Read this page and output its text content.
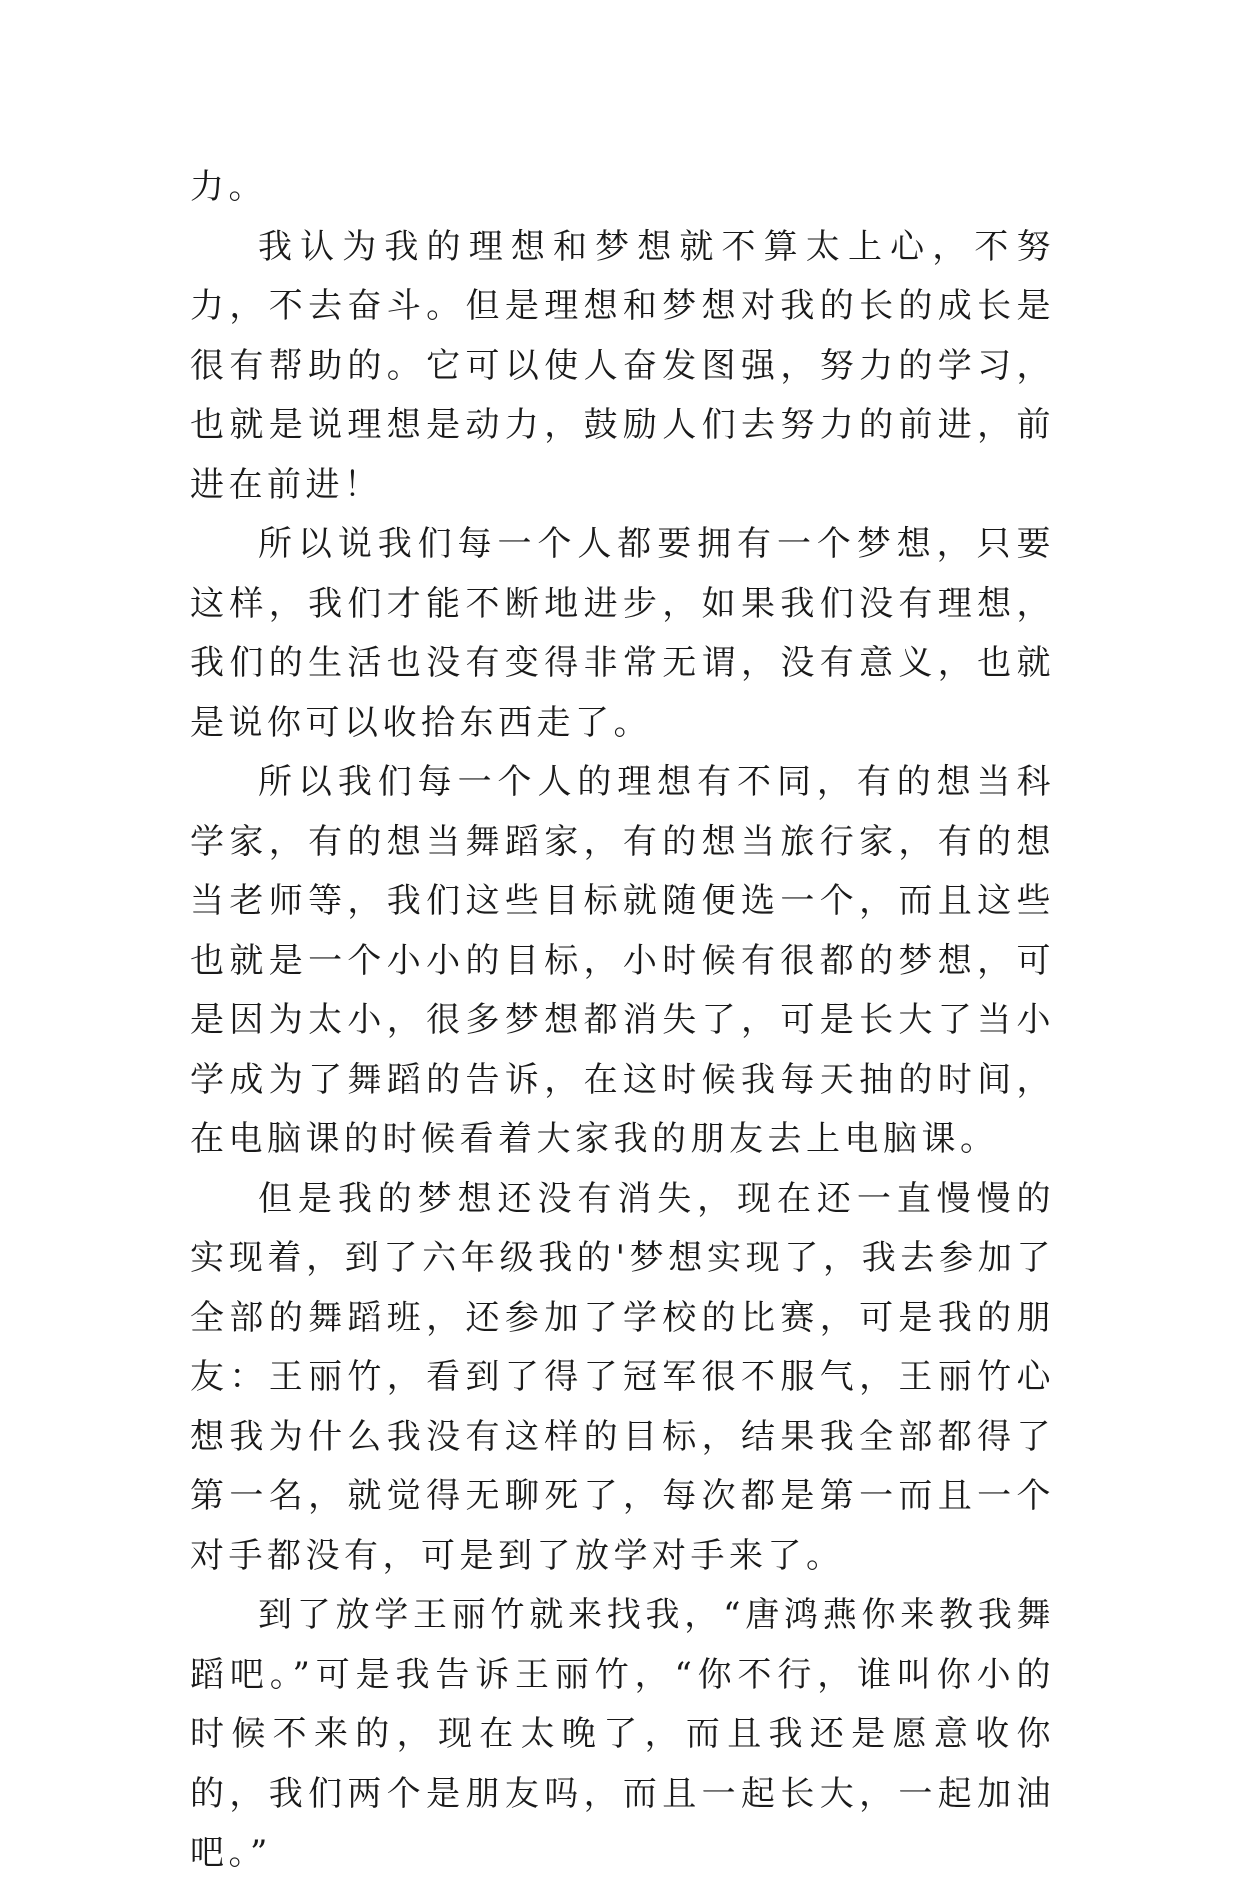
力。

我认为我的理想和梦想就不算太上心，不努力，不去奋斗。但是理想和梦想对我的长的成长是很有帮助的。它可以使人奋发图强，努力的学习，也就是说理想是动力，鼓励人们去努力的前进，前进在前进！

所以说我们每一个人都要拥有一个梦想，只要这样，我们才能不断地进步，如果我们没有理想，我们的生活也没有变得非常无谓，没有意义，也就是说你可以收拾东西走了。

所以我们每一个人的理想有不同，有的想当科学家，有的想当舞蹈家，有的想当旅行家，有的想当老师等，我们这些目标就随便选一个，而且这些也就是一个小小的目标，小时候有很都的梦想，可是因为太小，很多梦想都消失了，可是长大了当小学成为了舞蹈的告诉，在这时候我每天抽的时间，在电脑课的时候看着大家我的朋友去上电脑课。

但是我的梦想还没有消失，现在还一直慢慢的实现着，到了六年级我的'梦想实现了，我去参加了全部的舞蹈班，还参加了学校的比赛，可是我的朋友：王丽竹，看到了得了冠军很不服气，王丽竹心想我为什么我没有这样的目标，结果我全部都得了第一名，就觉得无聊死了，每次都是第一而且一个对手都没有，可是到了放学对手来了。

到了放学王丽竹就来找我，“唐鸿燕你来教我舞蹈吧。”可是我告诉王丽竹，“你不行，谁叫你小的时候不来的，现在太晚了，而且我还是愿意收你的，我们两个是朋友吗，而且一起长大，一起加油吧。”
